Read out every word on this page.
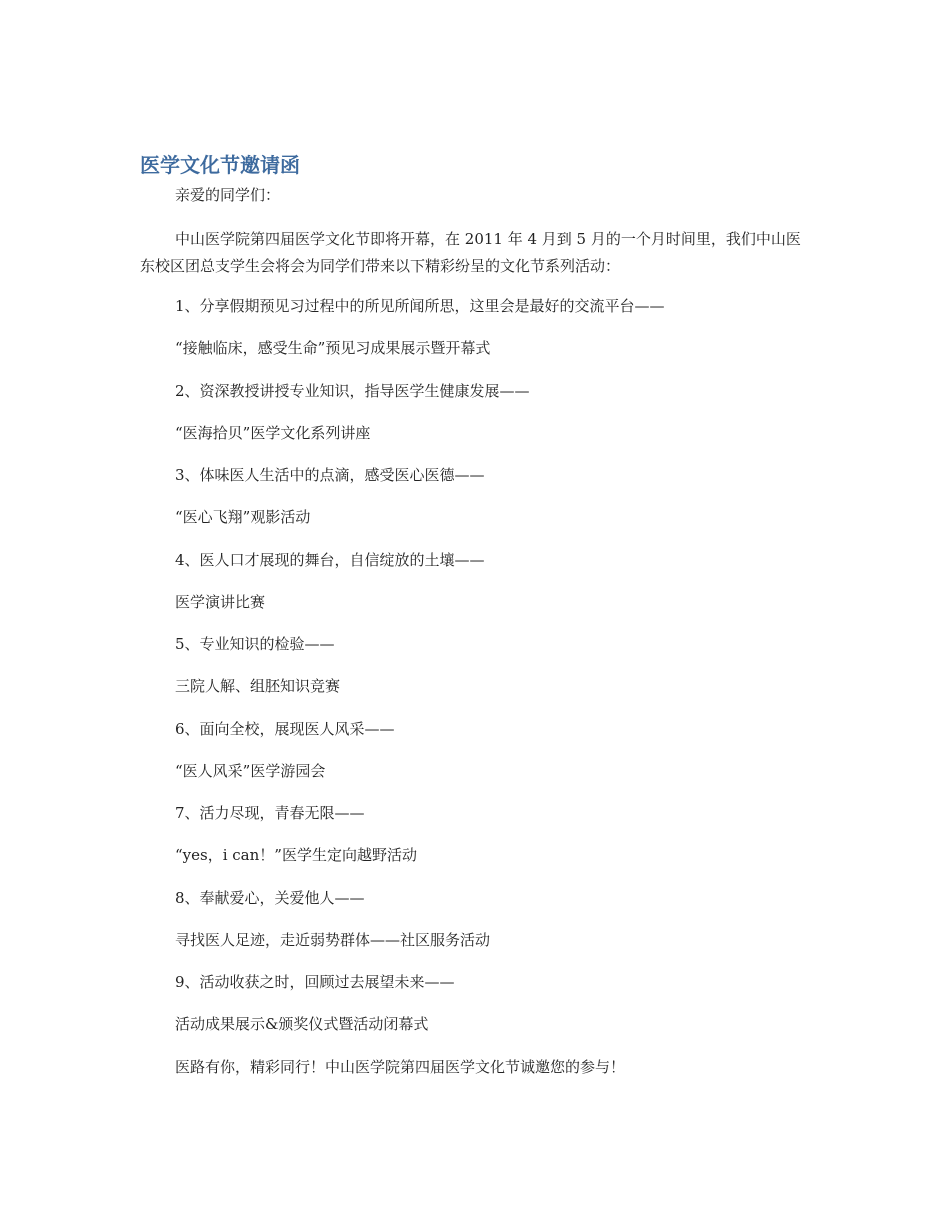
医学文化节邀请函

亲爱的同学们：

中山医学院第四届医学文化节即将开幕，在 2011 年 4 月到 5 月的一个月时间里，我们中山医东校区团总支学生会将会为同学们带来以下精彩纷呈的文化节系列活动：

1、分享假期预见习过程中的所见所闻所思，这里会是最好的交流平台——

“接触临床，感受生命”预见习成果展示暨开幕式

2、资深教授讲授专业知识，指导医学生健康发展——

“医海拾贝”医学文化系列讲座

3、体味医人生活中的点滴，感受医心医德——

“医心飞翔”观影活动

4、医人口才展现的舞台，自信绽放的土壤——

医学演讲比赛

5、专业知识的检验——

三院人解、组胚知识竞赛

6、面向全校，展现医人风采——

“医人风采”医学游园会

7、活力尽现，青春无限——

“yes，i can！”医学生定向越野活动

8、奉献爱心，关爱他人——

寻找医人足迹，走近弱势群体——社区服务活动

9、活动收获之时，回顾过去展望未来——

活动成果展示&颁奖仪式暨活动闭幕式

医路有你，精彩同行！中山医学院第四届医学文化节诚邀您的参与！
